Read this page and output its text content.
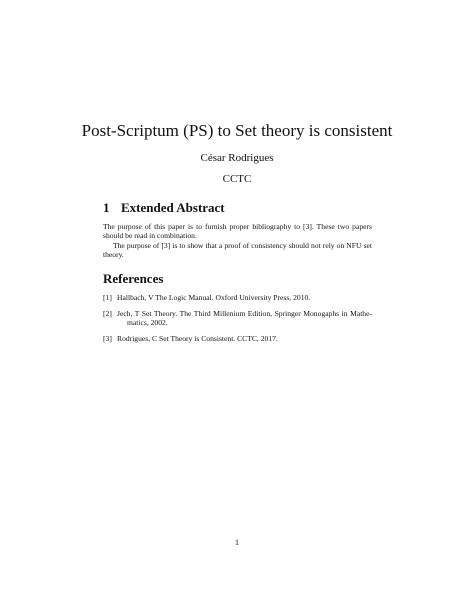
Post-Scriptum (PS) to Set theory is consistent
César Rodrigues
CCTC
1 Extended Abstract
The purpose of this paper is to furnish proper bibliography to [3]. These two papers should be read in combination.
The purpose of [3] is to show that a proof of consistency should not rely on NFU set theory.
References
[1] Hallbach, V The Logic Manual. Oxford University Press, 2010.
[2] Jech, T Set Theory. The Third Millenium Edition, Springer Monogaphs in Mathematics, 2002.
[3] Rodrigues, C Set Theory is Consistent. CCTC, 2017.
1
